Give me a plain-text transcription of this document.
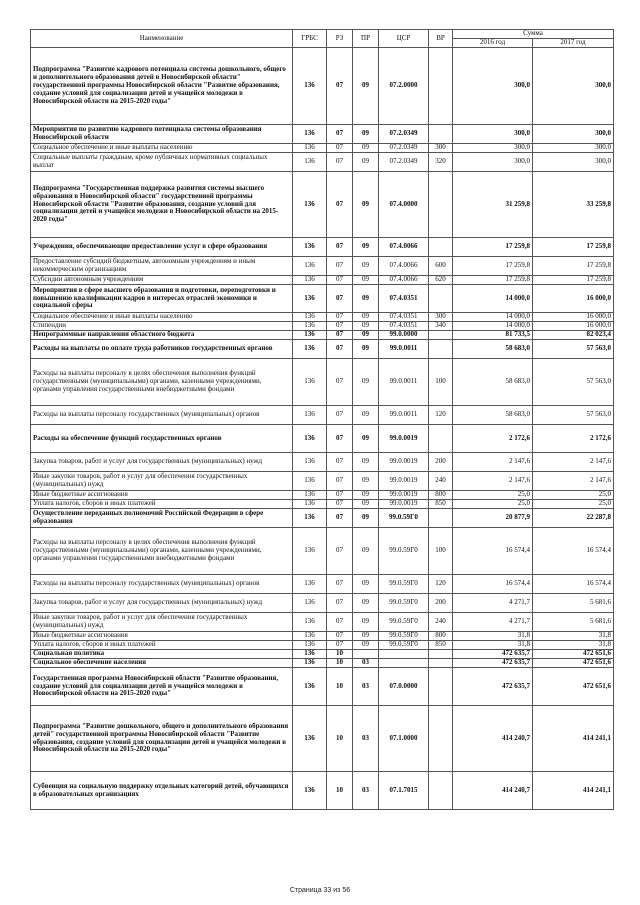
Наименование	ГРБС	РЗ	ПР	ЦСР	ВР	Сумма	
						2016 год	2017 год
Подпрограмма "Развитие кадрового потенциала системы дошкольного, общего и дополнительного образования детей в Новосибирской области" государственной программы Новосибирской области "Развитие образования, создание условий для социализации детей и учащейся молодежи в Новосибирской области на 2015-2020 годы"	136	07	09	07.2.0000		300,0	300,0
Мероприятия по развитию кадрового потенциала системы образования Новосибирской области	136	07	09	07.2.0349		300,0	300,0
Социальное обеспечение и иные выплаты населению	136	07	09	07.2.0349	300	300,0	300,0
Социальные выплаты гражданам, кроме публичных нормативных социальных выплат	136	07	09	07.2.0349	320	300,0	300,0
Подпрограмма "Государственная поддержка развития системы высшего образования в Новосибирской области" государственной программы Новосибирской области "Развитие образования, создание условий для социализации детей и учащейся молодежи в Новосибирской области на 2015-2020 годы"	136	07	09	07.4.0000		31 259,8	33 259,8
Учреждения, обеспечивающие предоставление услуг в сфере образования	136	07	09	07.4.0066		17 259,8	17 259,8
Предоставление субсидий бюджетным, автономным учреждениям и иным некоммерческим организациям	136	07	09	07.4.0066	600	17 259,8	17 259,8
Субсидии автономным учреждениям	136	07	09	07.4.0066	620	17 259,8	17 259,8
Мероприятия в сфере высшего образования и подготовки, переподготовки и повышению квалификации кадров в интересах отраслей экономики и социальной сферы	136	07	09	07.4.0351		14 000,0	16 000,0
Социальное обеспечение и иные выплаты населению	136	07	09	07.4.0351	300	14 000,0	16 000,0
Стипендии	136	07	09	07.4.0351	340	14 000,0	16 000,0
Непрограммные направления областного бюджета	136	07	09	99.0.0000		81 733,5	82 023,4
Расходы на выплаты по оплате труда работников государственных органов	136	07	09	99.0.0011		58 683,0	57 563,0
Расходы на выплаты персоналу в целях обеспечения выполнения функций государственными (муниципальными) органами, казенными учреждениями, органами управления государственными внебюджетными фондами	136	07	09	99.0.0011	100	58 683,0	57 563,0
Расходы на выплаты персоналу государственных (муниципальных) органов	136	07	09	99.0.0011	120	58 683,0	57 563,0
Расходы на обеспечение функций государственных органов	136	07	09	99.0.0019		2 172,6	2 172,6
Закупка товаров, работ и услуг для государственных (муниципальных) нужд	136	07	09	99.0.0019	200	2 147,6	2 147,6
Иные закупки товаров, работ и услуг для обеспечения государственных (муниципальных) нужд	136	07	09	99.0.0019	240	2 147,6	2 147,6
Иные бюджетные ассигнования	136	07	09	99.0.0019	800	25,0	25,0
Уплата налогов, сборов и иных платежей	136	07	09	99.0.0019	850	25,0	25,0
Осуществление переданных полномочий Российской Федерации в сфере образования	136	07	09	99.0.59Г0		20 877,9	22 287,8
Расходы на выплаты персоналу в целях обеспечения выполнения функций государственными (муниципальными) органами, казенными учреждениями, органами управления государственными внебюджетными фондами	136	07	09	99.0.59Г0	100	16 574,4	16 574,4
Расходы на выплаты персоналу государственных (муниципальных) органов	136	07	09	99.0.59Г0	120	16 574,4	16 574,4
Закупка товаров, работ и услуг для государственных (муниципальных) нужд	136	07	09	99.0.59Г0	200	4 271,7	5 681,6
Иные закупки товаров, работ и услуг для обеспечения государственных (муниципальных) нужд	136	07	09	99.0.59Г0	240	4 271,7	5 681,6
Иные бюджетные ассигнования	136	07	09	99.0.59Г0	800	31,8	31,8
Уплата налогов, сборов и иных платежей	136	07	09	99.0.59Г0	850	31,8	31,8
Социальная политика	136	10				472 635,7	472 651,6
Социальное обеспечение населения	136	10	03			472 635,7	472 651,6
Государственная программа Новосибирской области "Развитие образования, создание условий для социализации детей и учащейся молодежи в Новосибирской области на 2015-2020 годы"	136	10	03	07.0.0000		472 635,7	472 651,6
Подпрограмма "Развитие дошкольного, общего и дополнительного образования детей" государственной программы Новосибирской области "Развитие образования, создание условий для социализации детей и учащейся молодежи в Новосибирской области на 2015-2020 годы"	136	10	03	07.1.0000		414 240,7	414 241,1
Субвенция на социальную поддержку отдельных категорий детей, обучающихся в образовательных организациях	136	10	03	07.1.7015		414 240,7	414 241,1
Страница 33 из 56
